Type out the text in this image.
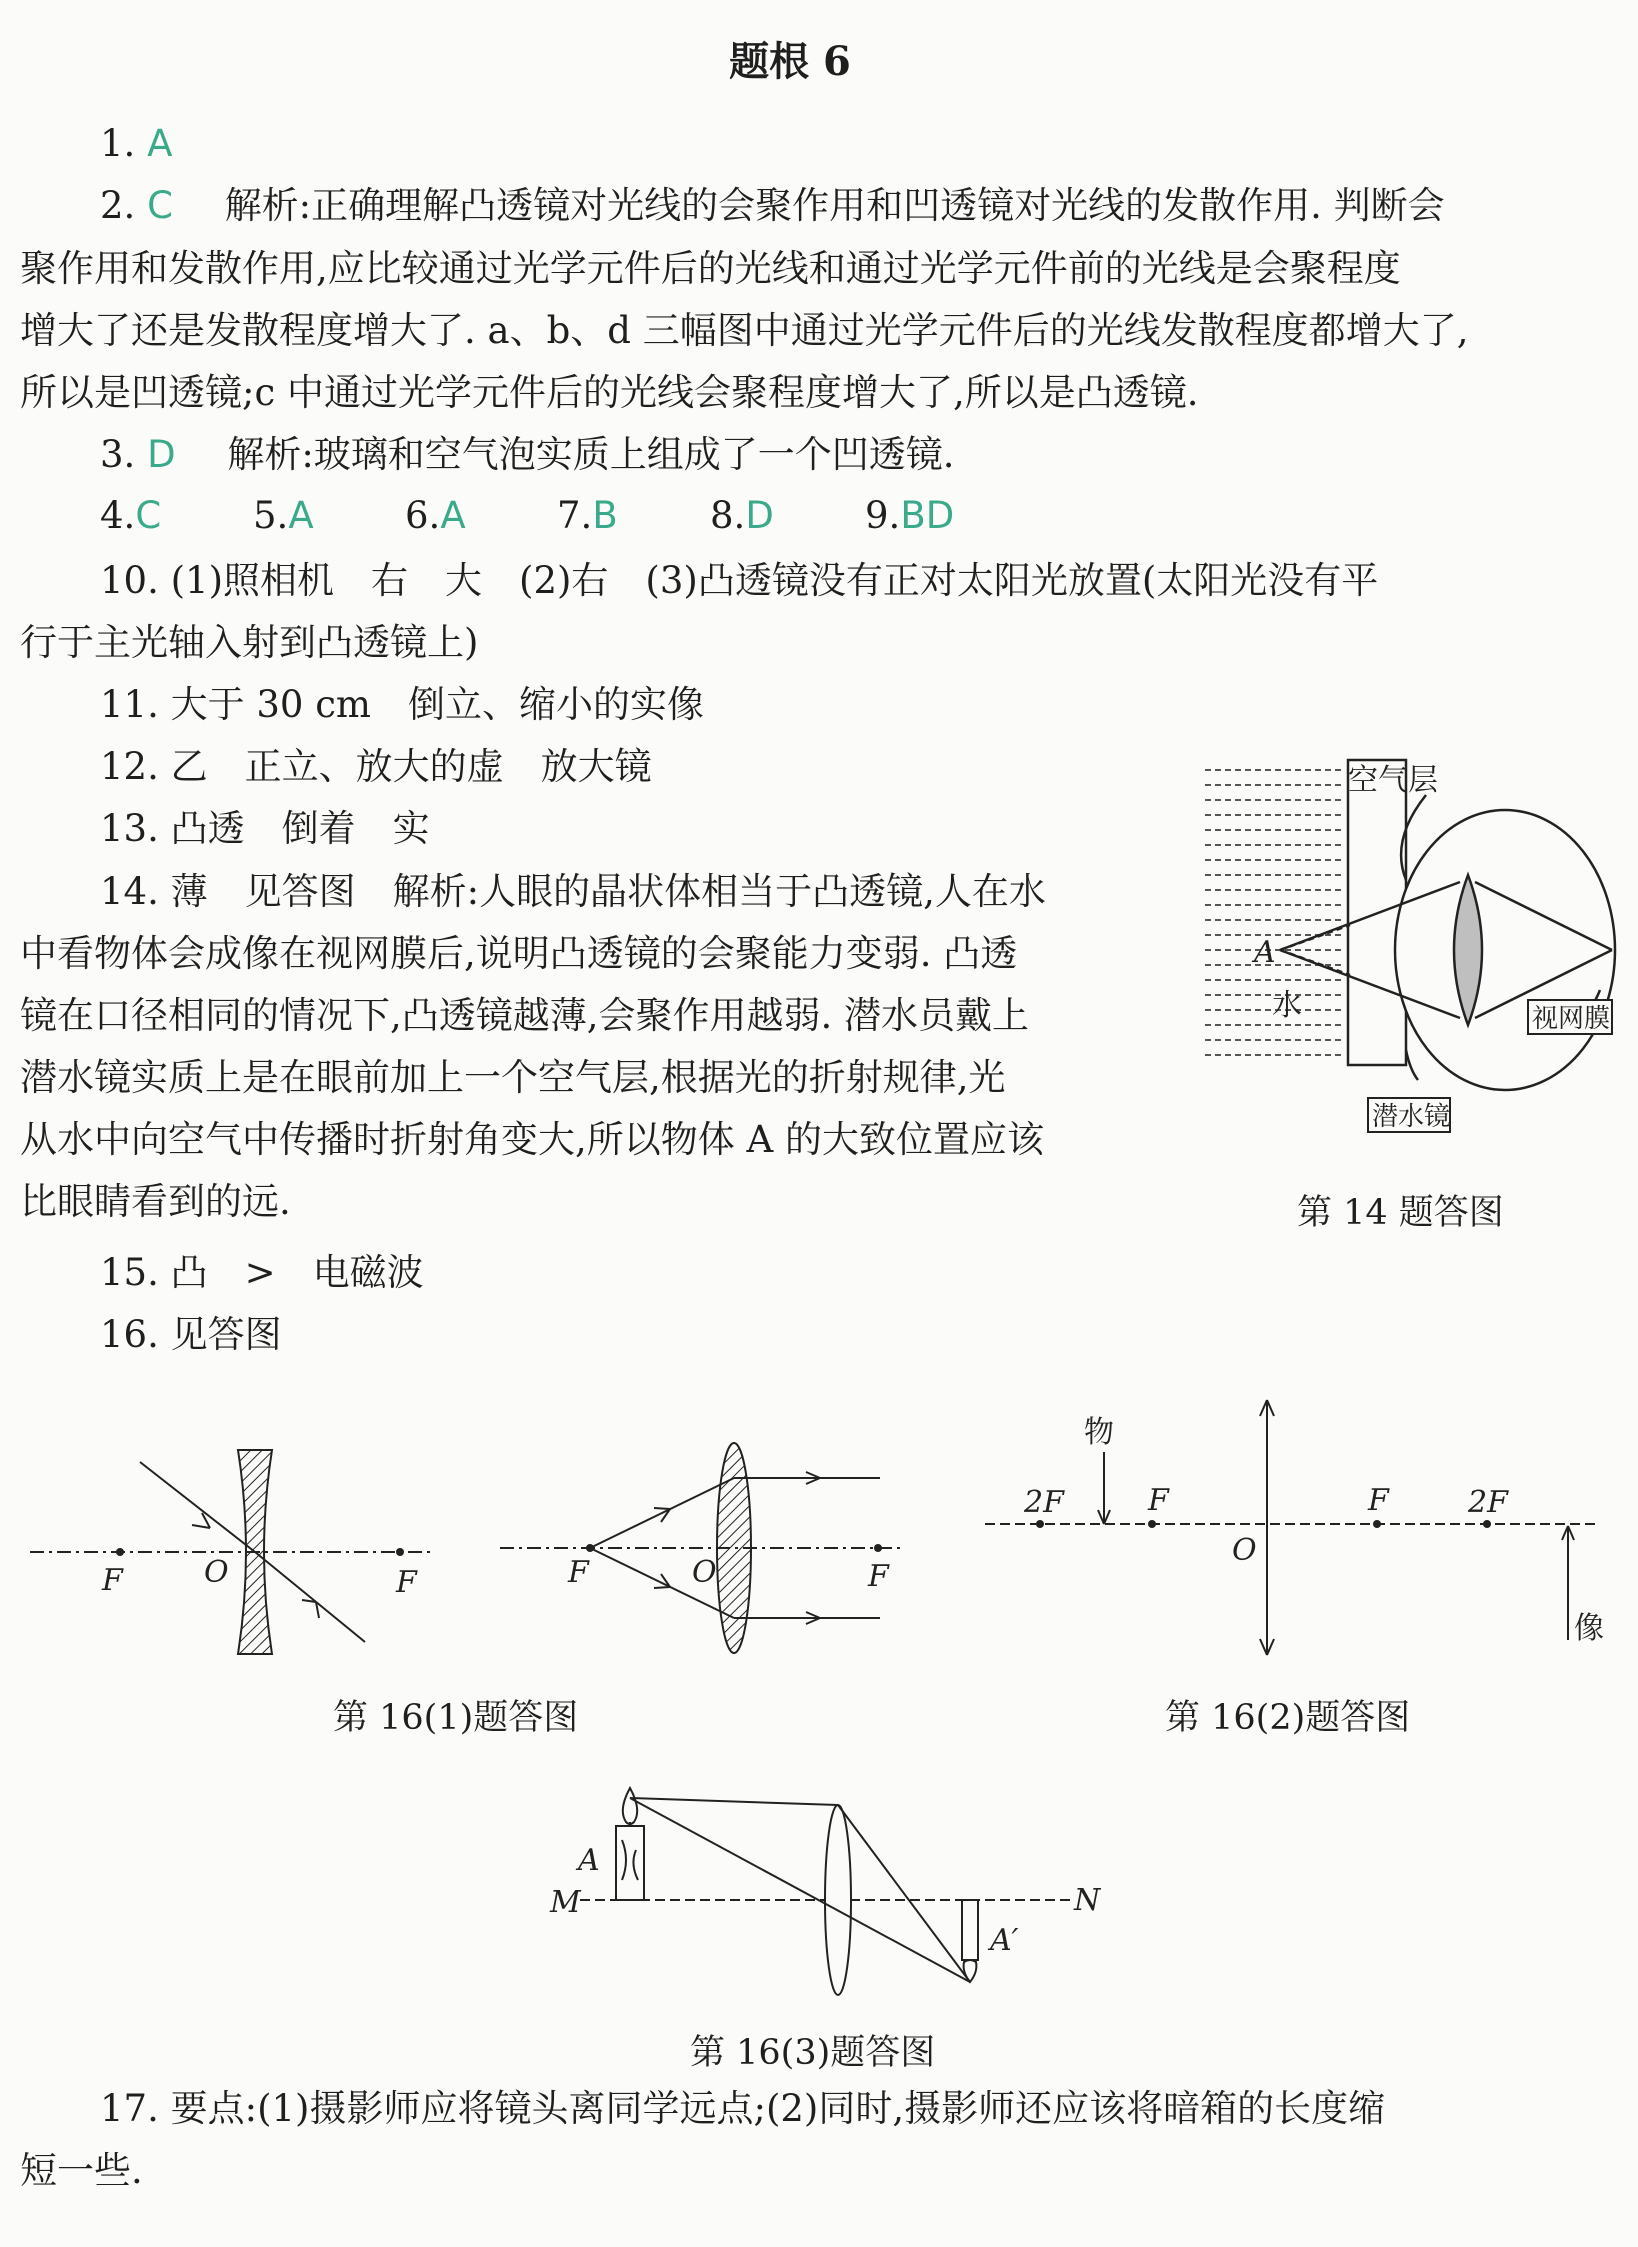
题根 6
1. A
2. C 解析:正确理解凸透镜对光线的会聚作用和凹透镜对光线的发散作用. 判断会
聚作用和发散作用,应比较通过光学元件后的光线和通过光学元件前的光线是会聚程度
增大了还是发散程度增大了. a、b、d 三幅图中通过光学元件后的光线发散程度都增大了,
所以是凹透镜;c 中通过光学元件后的光线会聚程度增大了,所以是凸透镜.
3. D 解析:玻璃和空气泡实质上组成了一个凹透镜.
4.C 5.A 6.A 7.B 8.D 9.BD
10. (1)照相机　右　大　(2)右　(3)凸透镜没有正对太阳光放置(太阳光没有平
行于主光轴入射到凸透镜上)
11. 大于 30 cm　倒立、缩小的实像
12. 乙　正立、放大的虚　放大镜
13. 凸透　倒着　实
14. 薄　见答图　解析:人眼的晶状体相当于凸透镜,人在水
中看物体会成像在视网膜后,说明凸透镜的会聚能力变弱. 凸透
镜在口径相同的情况下,凸透镜越薄,会聚作用越弱. 潜水员戴上
潜水镜实质上是在眼前加上一个空气层,根据光的折射规律,光
从水中向空气中传播时折射角变大,所以物体 A 的大致位置应该
比眼睛看到的远.
空气层
A
水	视网膜
潜水镜
第 14 题答图
15. 凸　>　电磁波
16. 见答图
F	O	F	F	O	F
第 16(1)题答图
物
2F	F
O
F	2F
像
第 16(2)题答图
A
M	N
A′
第 16(3)题答图
17. 要点:(1)摄影师应将镜头离同学远点;(2)同时,摄影师还应该将暗箱的长度缩
短一些.
